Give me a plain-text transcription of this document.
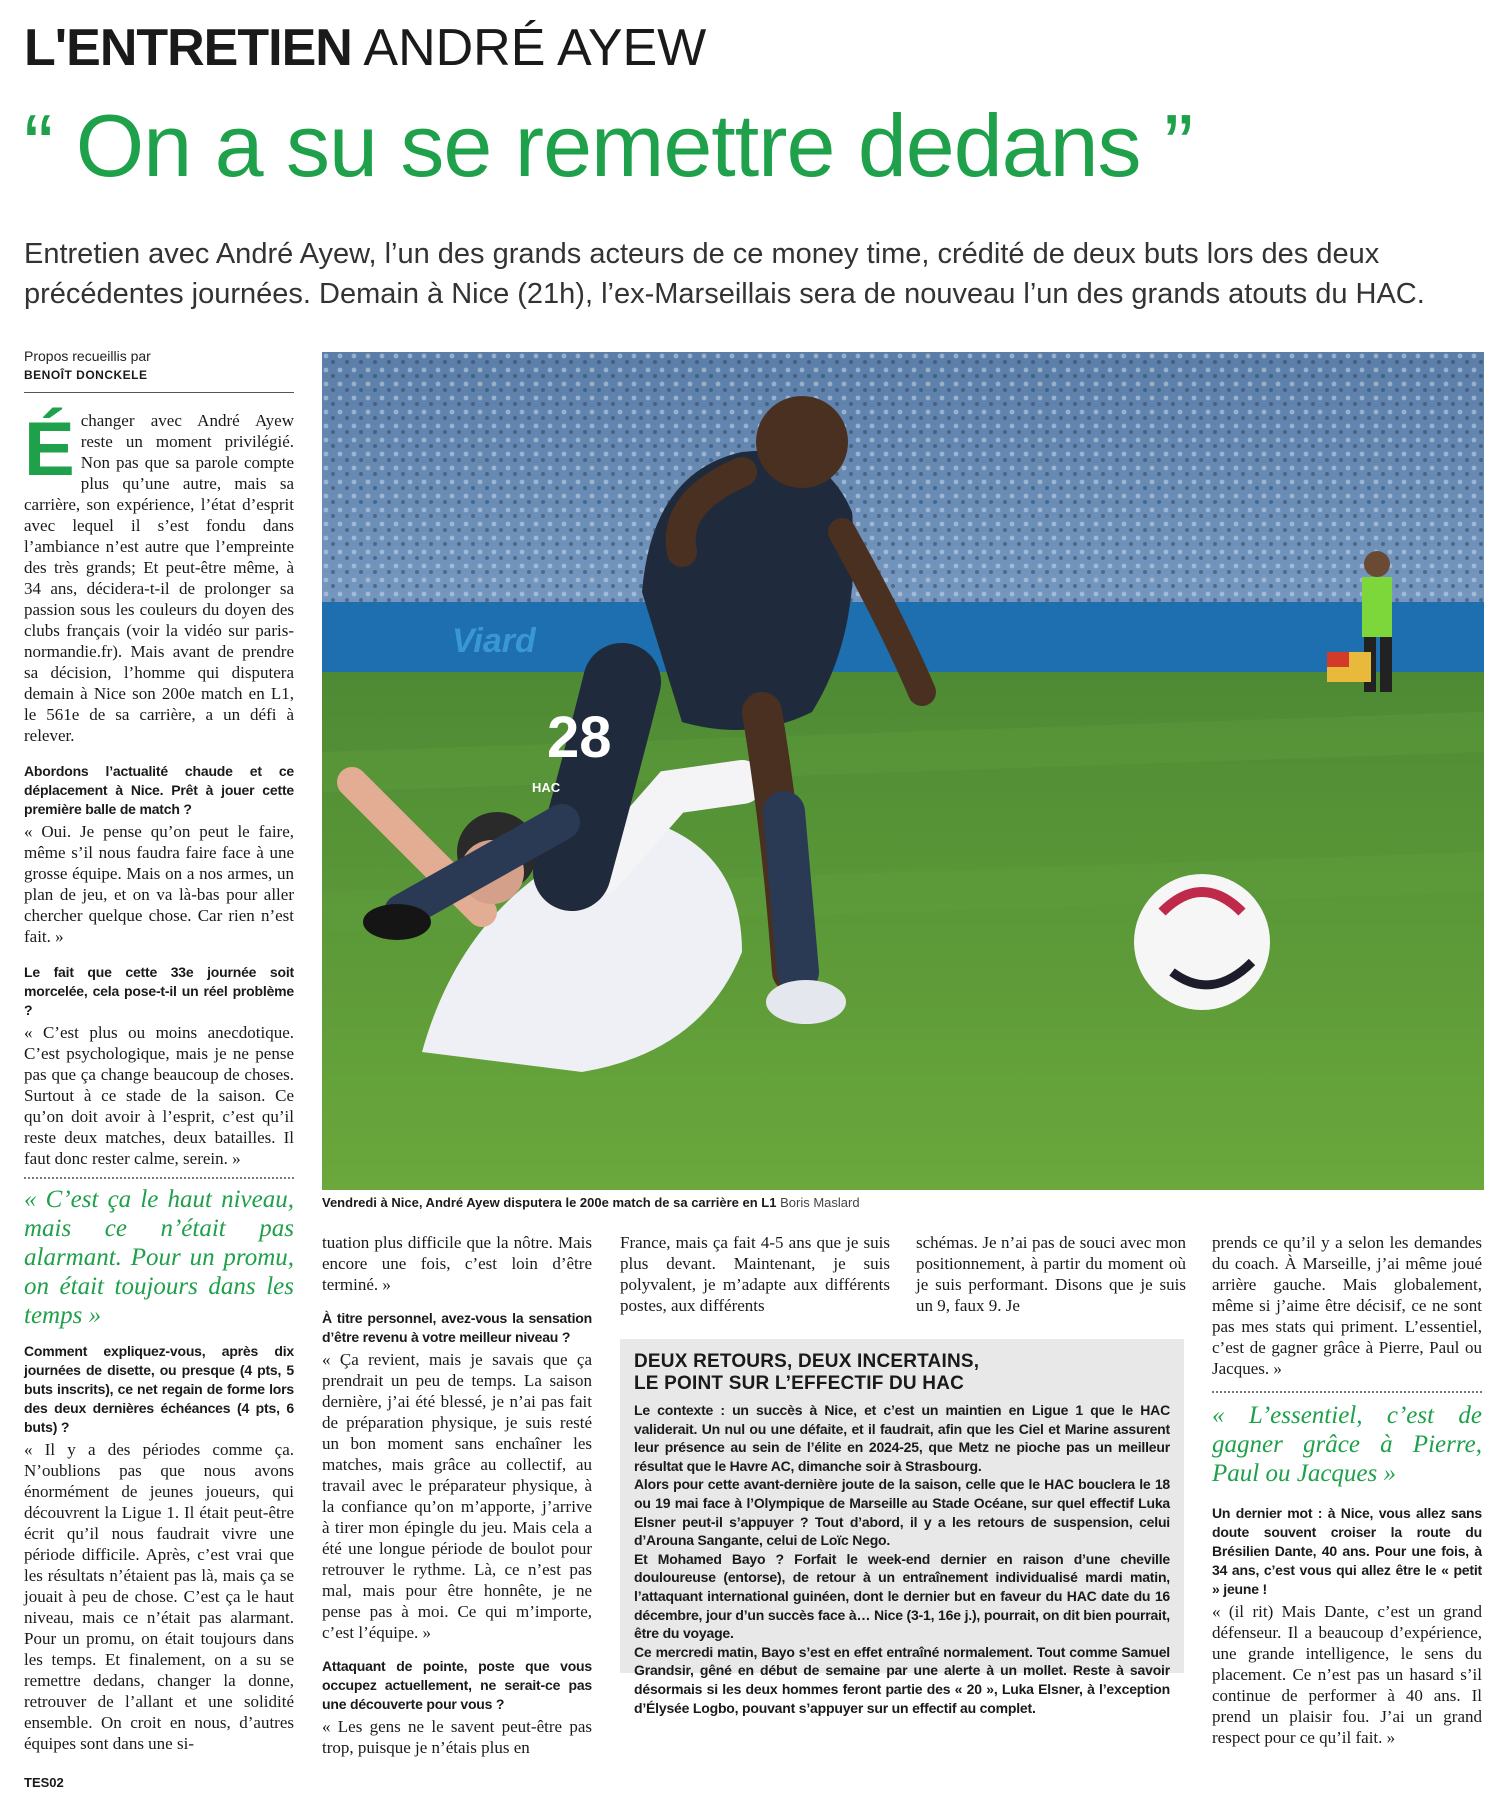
L'ENTRETIEN ANDRÉ AYEW
“ On a su se remettre dedans ”
Entretien avec André Ayew, l’un des grands acteurs de ce money time, crédité de deux buts lors des deux précédentes journées. Demain à Nice (21h), l’ex-Marseillais sera de nouveau l’un des grands atouts du HAC.
Propos recueillis par
BENOÎT DONCKELE

Échanger avec André Ayew reste un moment privilégié. Non pas que sa parole compte plus qu’une autre, mais sa carrière, son expérience, l’état d’esprit avec lequel il s’est fondu dans l’ambiance n’est autre que l’empreinte des très grands; Et peut-être même, à 34 ans, décidera-t-il de prolonger sa passion sous les couleurs du doyen des clubs français (voir la vidéo sur paris-normandie.fr). Mais avant de prendre sa décision, l’homme qui disputera demain à Nice son 200e match en L1, le 561e de sa carrière, a un défi à relever.

Abordons l’actualité chaude et ce déplacement à Nice. Prêt à jouer cette première balle de match ?

« Oui. Je pense qu’on peut le faire, même s’il nous faudra faire face à une grosse équipe. Mais on a nos armes, un plan de jeu, et on va là-bas pour aller chercher quelque chose. Car rien n’est fait. »

Le fait que cette 33e journée soit morcelée, cela pose-t-il un réel problème ?

« C’est plus ou moins anecdotique. C’est psychologique, mais je ne pense pas que ça change beaucoup de choses. Surtout à ce stade de la saison. Ce qu’on doit avoir à l’esprit, c’est qu’il reste deux matches, deux batailles. Il faut donc rester calme, serein. »

« C’est ça le haut niveau, mais ce n’était pas alarmant. Pour un promu, on était toujours dans les temps »

Comment expliquez-vous, après dix journées de disette, ou presque (4 pts, 5 buts inscrits), ce net regain de forme lors des deux dernières échéances (4 pts, 6 buts) ?

« Il y a des périodes comme ça. N’oublions pas que nous avons énormément de jeunes joueurs, qui découvrent la Ligue 1. Il était peut-être écrit qu’il nous faudrait vivre une période difficile. Après, c’est vrai que les résultats n’étaient pas là, mais ça se jouait à peu de chose. C’est ça le haut niveau, mais ce n’était pas alarmant. Pour un promu, on était toujours dans les temps. Et finalement, on a su se remettre dedans, changer la donne, retrouver de l’allant et une solidité ensemble. On croit en nous, d’autres équipes sont dans une si-

Viard
28
HAC
Vendredi à Nice, André Ayew disputera le 200e match de sa carrière en L1 Boris Maslard

tuation plus difficile que la nôtre. Mais encore une fois, c’est loin d’être terminé. »

À titre personnel, avez-vous la sensation d’être revenu à votre meilleur niveau ?

« Ça revient, mais je savais que ça prendrait un peu de temps. La saison dernière, j’ai été blessé, je n’ai pas fait de préparation physique, je suis resté un bon moment sans enchaîner les matches, mais grâce au collectif, au travail avec le préparateur physique, à la confiance qu’on m’apporte, j’arrive à tirer mon épingle du jeu. Mais cela a été une longue période de boulot pour retrouver le rythme. Là, ce n’est pas mal, mais pour être honnête, je ne pense pas à moi. Ce qui m’importe, c’est l’équipe. »

Attaquant de pointe, poste que vous occupez actuellement, ne serait-ce pas une découverte pour vous ?

« Les gens ne le savent peut-être pas trop, puisque je n’étais plus en

France, mais ça fait 4-5 ans que je suis plus devant. Maintenant, je suis polyvalent, je m’adapte aux différents postes, aux différents

schémas. Je n’ai pas de souci avec mon positionnement, à partir du moment où je suis performant. Disons que je suis un 9, faux 9. Je

DEUX RETOURS, DEUX INCERTAINS,
LE POINT SUR L’EFFECTIF DU HAC

Le contexte : un succès à Nice, et c’est un maintien en Ligue 1 que le HAC validerait. Un nul ou une défaite, et il faudrait, afin que les Ciel et Marine assurent leur présence au sein de l’élite en 2024-25, que Metz ne pioche pas un meilleur résultat que le Havre AC, dimanche soir à Strasbourg.

Alors pour cette avant-dernière joute de la saison, celle que le HAC bouclera le 18 ou 19 mai face à l’Olympique de Marseille au Stade Océane, sur quel effectif Luka Elsner peut-il s’appuyer ? Tout d’abord, il y a les retours de suspension, celui d’Arouna Sangante, celui de Loïc Nego.

Et Mohamed Bayo ? Forfait le week-end dernier en raison d’une cheville douloureuse (entorse), de retour à un entraînement individualisé mardi matin, l’attaquant international guinéen, dont le dernier but en faveur du HAC date du 16 décembre, jour d’un succès face à… Nice (3-1, 16e j.), pourrait, on dit bien pourrait, être du voyage.

Ce mercredi matin, Bayo s’est en effet entraîné normalement. Tout comme Samuel Grandsir, gêné en début de semaine par une alerte à un mollet. Reste à savoir désormais si les deux hommes feront partie des « 20 », Luka Elsner, à l’exception d’Élysée Logbo, pouvant s’appuyer sur un effectif au complet.

prends ce qu’il y a selon les demandes du coach. À Marseille, j’ai même joué arrière gauche. Mais globalement, même si j’aime être décisif, ce ne sont pas mes stats qui priment. L’essentiel, c’est de gagner grâce à Pierre, Paul ou Jacques. »

« L’essentiel, c’est de gagner grâce à Pierre, Paul ou Jacques »

Un dernier mot : à Nice, vous allez sans doute souvent croiser la route du Brésilien Dante, 40 ans. Pour une fois, à 34 ans, c’est vous qui allez être le « petit » jeune !

« (il rit) Mais Dante, c’est un grand défenseur. Il a beaucoup d’expérience, une grande intelligence, le sens du placement. Ce n’est pas un hasard s’il continue de performer à 40 ans. Il prend un plaisir fou. J’ai un grand respect pour ce qu’il fait. »

TES02
